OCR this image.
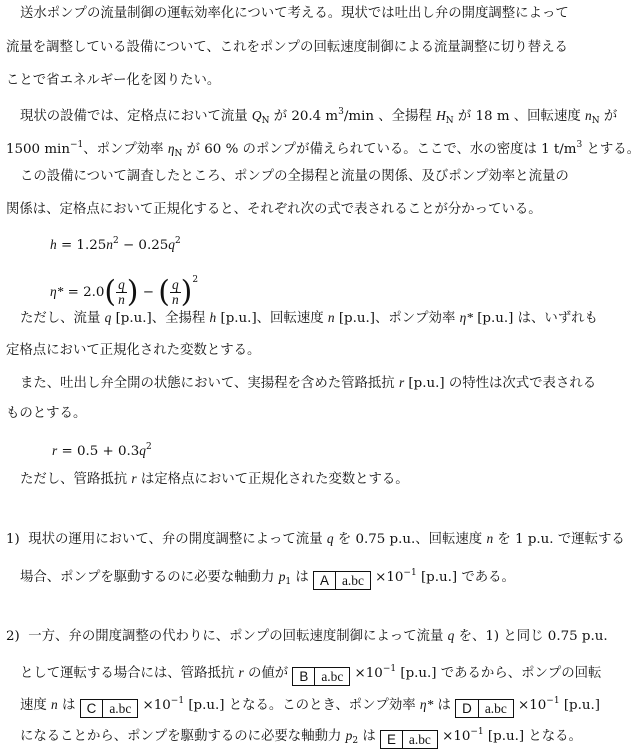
送水ポンプの流量制御の運転効率化について考える。現状では吐出し弁の開度調整によって
流量を調整している設備について、これをポンプの回転速度制御による流量調整に切り替える
ことで省エネルギー化を図りたい。
現状の設備では、定格点において流量 $Q_N$ が 20.4 $m^3/\min$ 、全揚程 $H_N$ が 18 m 、回転速度 $n_N$ が
1500 $\min^{-1}$、ポンプ効率 $\eta_N$ が 60 % のポンプが備えられている。ここで、水の密度は 1 $t/m^3$ とする。
この設備について調査したところ、ポンプの全揚程と流量の関係、及びポンプ効率と流量の
関係は、定格点において正規化すると、それぞれ次の式で表されることが分かっている。
$h = 1.25n^2 - 0.25q^2$
$\eta* = 2.0( \frac{q}{n}$ ) − ( $\frac{q}{n} )^2$
ただし、流量 q [p.u.]、全揚程 h [p.u.]、回転速度 n [p.u.]、ポンプ効率 η* [p.u.] は、いずれも
定格点において正規化された変数とする。
また、吐出し弁全開の状態において、実揚程を含めた管路抵抗 r [p.u.] の特性は次式で表される
ものとする。
$r = 0.5 + 0.3q^2$
ただし、管路抵抗 r は定格点において正規化された変数とする。
1) 現状の運用において、弁の開度調整によって流量 q を 0.75 p.u.、回転速度 n を 1 p.u. で運転する
場合、ポンプを駆動するのに必要な軸動力 $p_1$ は A $a.bc \times 10^{-1}$ [p.u.] である。
2) 一方、弁の開度調整の代わりに、ポンプの回転速度制御によって流量 q を、1) と同じ 0.75 p.u.
として運転する場合には、管路抵抗 r の値が B $a.bc \times 10^{-1}$ [p.u.] であるから、ポンプの回転
速度 n は C $a.bc \times 10^{-1}$ [p.u.] となる。このとき、ポンプ効率 η* は D $a.bc \times 10^{-1}$ [p.u.]
になることから、ポンプを駆動するのに必要な軸動力 $p_2$ は E $a.bc \times 10^{-1}$ [p.u.] となる。
